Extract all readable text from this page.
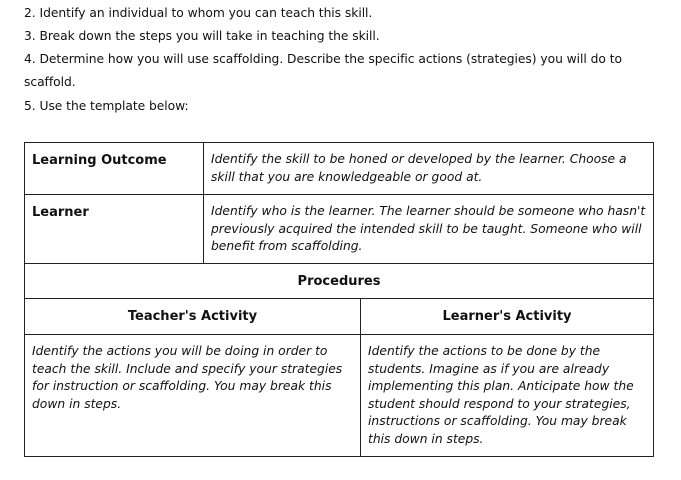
2. Identify an individual to whom you can teach this skill.
3. Break down the steps you will take in teaching the skill.
4. Determine how you will use scaffolding. Describe the specific actions (strategies) you will do to
scaffold.
5. Use the template below:
Learning Outcome	Identify the skill to be honed or developed by the learner. Choose a skill that you are knowledgeable or good at.	
Learner	Identify who is the learner. The learner should be someone who hasn't previously acquired the intended skill to be taught. Someone who will benefit from scaffolding.	
Procedures		
Teacher's Activity		Learner's Activity
Identify the actions you will be doing in order to teach the skill. Include and specify your strategies for instruction or scaffolding. You may break this down in steps.		Identify the actions to be done by the students. Imagine as if you are already implementing this plan. Anticipate how the student should respond to your strategies, instructions or scaffolding. You may break this down in steps.
